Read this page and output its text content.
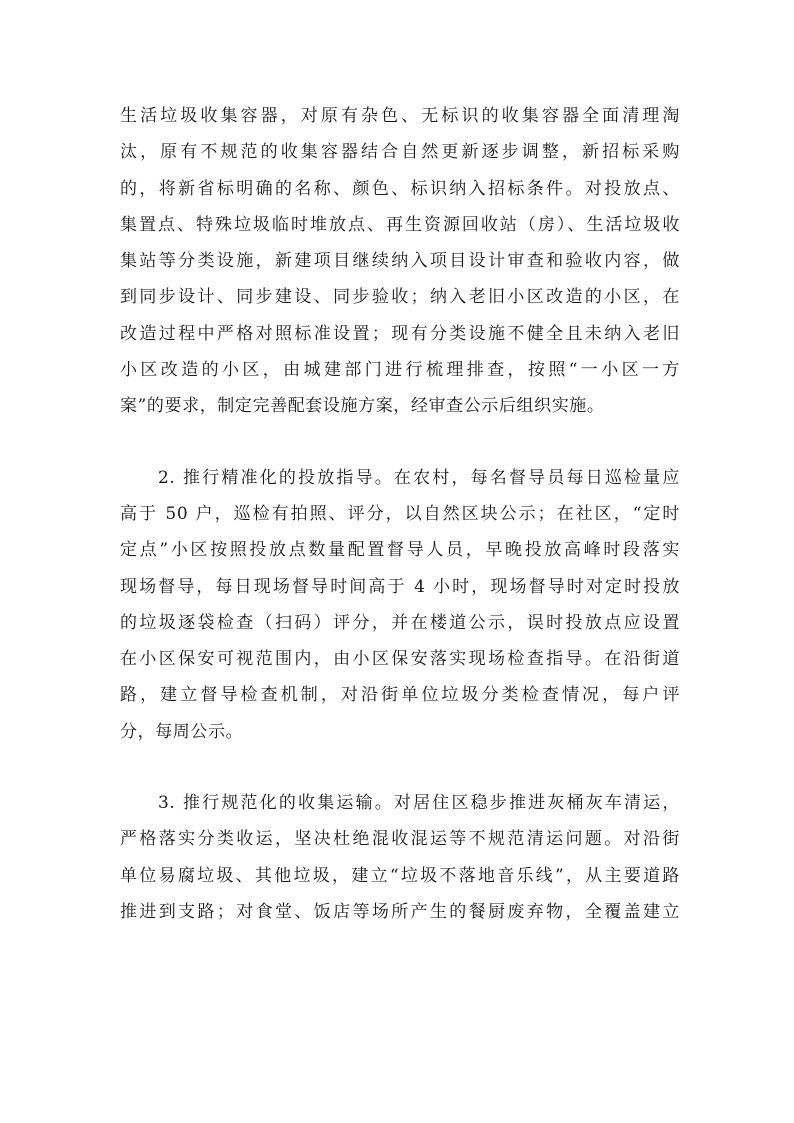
生活垃圾收集容器，对原有杂色、无标识的收集容器全面清理淘
汰，原有不规范的收集容器结合自然更新逐步调整，新招标采购
的，将新省标明确的名称、颜色、标识纳入招标条件。对投放点、
集置点、特殊垃圾临时堆放点、再生资源回收站（房）、生活垃圾收
集站等分类设施，新建项目继续纳入项目设计审查和验收内容，做
到同步设计、同步建设、同步验收；纳入老旧小区改造的小区，在
改造过程中严格对照标准设置；现有分类设施不健全且未纳入老旧
小区改造的小区，由城建部门进行梳理排查，按照“一小区一方
案”的要求，制定完善配套设施方案，经审查公示后组织实施。
2. 推行精准化的投放指导。在农村，每名督导员每日巡检量应
高于 50 户，巡检有拍照、评分，以自然区块公示；在社区，“定时
定点”小区按照投放点数量配置督导人员，早晚投放高峰时段落实
现场督导，每日现场督导时间高于 4 小时，现场督导时对定时投放
的垃圾逐袋检查（扫码）评分，并在楼道公示，误时投放点应设置
在小区保安可视范围内，由小区保安落实现场检查指导。在沿街道
路，建立督导检查机制，对沿街单位垃圾分类检查情况，每户评
分，每周公示。
3. 推行规范化的收集运输。对居住区稳步推进灰桶灰车清运，
严格落实分类收运，坚决杜绝混收混运等不规范清运问题。对沿街
单位易腐垃圾、其他垃圾，建立“垃圾不落地音乐线”，从主要道路
推进到支路；对食堂、饭店等场所产生的餐厨废弃物，全覆盖建立
